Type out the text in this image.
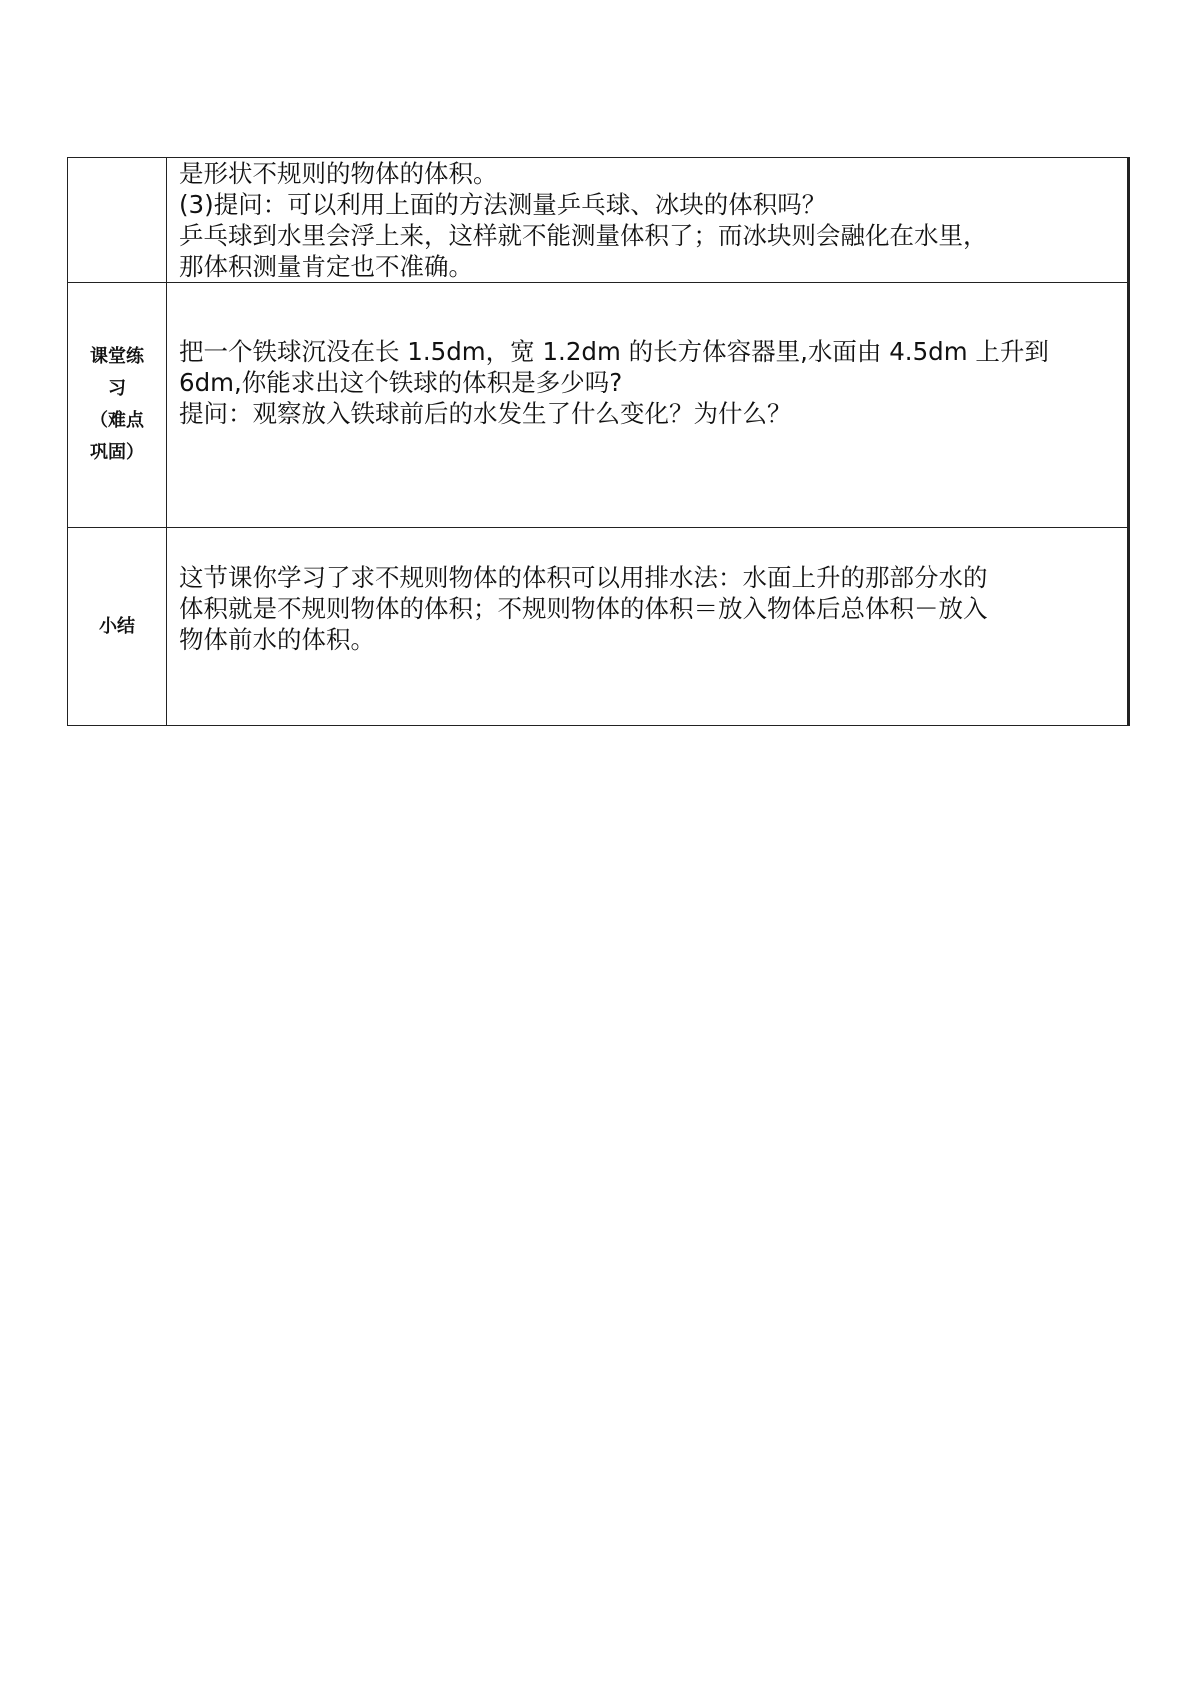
	是形状不规则的物体的体积。
(3)提问：可以利用上面的方法测量乒乓球、冰块的体积吗？
乒乓球到水里会浮上来，这样就不能测量体积了；而冰块则会融化在水里，
那体积测量肯定也不准确。

课堂练
习
（难点
巩固）	把一个铁球沉没在长 1.5dm，宽 1.2dm 的长方体容器里,水面由 4.5dm 上升到
6dm,你能求出这个铁球的体积是多少吗?
提问：观察放入铁球前后的水发生了什么变化？为什么？

小结	这节课你学习了求不规则物体的体积可以用排水法：水面上升的那部分水的
体积就是不规则物体的体积；不规则物体的体积＝放入物体后总体积－放入
物体前水的体积。
